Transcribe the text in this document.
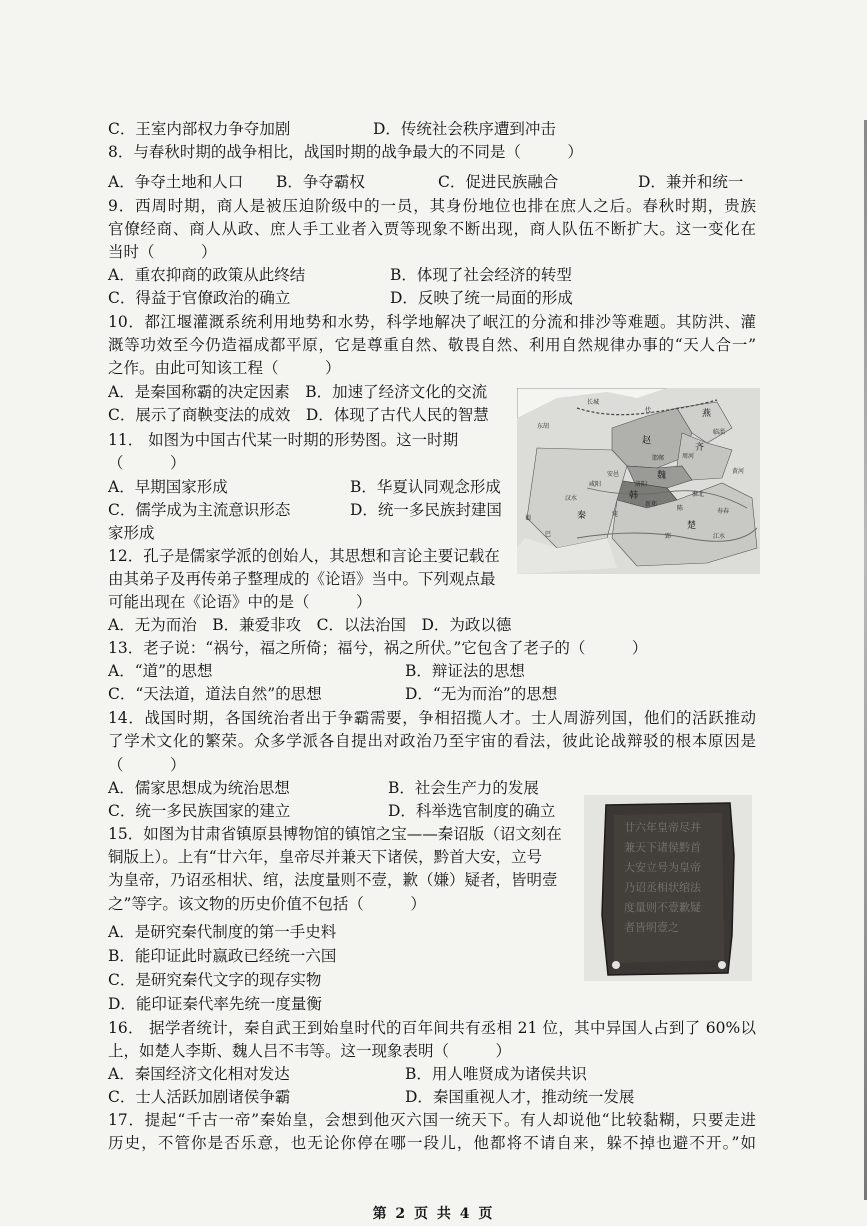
C．王室内部权力争夺加剧	D．传统社会秩序遭到冲击
8．与春秋时期的战争相比，战国时期的战争最大的不同是（　　　）
A．争夺土地和人口 B．争夺霸权	C．促进民族融合	D．兼并和统一
9．西周时期，商人是被压迫阶级中的一员，其身份地位也排在庶人之后。春秋时期，贵族
官僚经商、商人从政、庶人手工业者入贾等现象不断出现，商人队伍不断扩大。这一变化在
当时（　　　）
A．重农抑商的政策从此终结	B．体现了社会经济的转型
C．得益于官僚政治的确立	D．反映了统一局面的形成
10．都江堰灌溉系统利用地势和水势，科学地解决了岷江的分流和排沙等难题。其防洪、灌
溉等功效至今仍造福成都平原，它是尊重自然、敬畏自然、利用自然规律办事的“天人合一”
之作。由此可知该工程（　　　）
A．是秦国称霸的决定因素　B．加速了经济文化的交流
C．展示了商鞅变法的成效　D．体现了古代人民的智慧
11． 如图为中国古代某一时期的形势图。这一时期
（　　　）
A．早期国家形成	B．华夏认同观念形成
C．儒学成为主流意识形态	D．统一多民族封建国
家形成
12．孔子是儒家学派的创始人，其思想和言论主要记载在
由其弟子及再传弟子整理成的《论语》当中。下列观点最
可能出现在《论语》中的是（　　　）
A．无为而治　B．兼爱非攻　C．以法治国　D．为政以德
13．老子说：“祸兮，福之所倚；福兮，祸之所伏。”它包含了老子的（　　　）
A．“道”的思想	B．辩证法的思想
C．“天法道，道法自然”的思想	D．“无为而治”的思想
14．战国时期，各国统治者出于争霸需要，争相招揽人才。士人周游列国，他们的活跃推动
了学术文化的繁荣。众多学派各自提出对政治乃至宇宙的看法，彼此论战辩驳的根本原因是
（　　　）
A．儒家思想成为统治思想	B．社会生产力的发展
C．统一多民族国家的建立	D．科举选官制度的确立
15．如图为甘肃省镇原县博物馆的镇馆之宝——秦诏版（诏文刻在
铜版上）。上有“廿六年，皇帝尽并兼天下诸侯，黔首大安，立号
为皇帝，乃诏丞相状、绾，法度量则不壹，歉（嫌）疑者，皆明壹
之”等字。该文物的历史价值不包括（　　　）
A．是研究秦代制度的第一手史料
B．能印证此时嬴政已经统一六国
C．是研究秦代文字的现存实物
D．能印证秦代率先统一度量衡
16． 据学者统计，秦自武王到始皇时代的百年间共有丞相 21 位，其中异国人占到了 60%以
上，如楚人李斯、魏人吕不韦等。这一现象表明（　　　）
A．秦国经济文化相对发达	B．用人唯贤成为诸侯共识
C．士人活跃加剧诸侯争霸	D．秦国重视人才，推动统一发展
17．提起“千古一帝”秦始皇，会想到他灭六国一统天下。有人却说他“比较黏糊，只要走进
历史，不管你是否乐意，也无论你停在哪一段儿，他都将不请自来，躲不掉也避不开。”如
燕
齐
赵
魏
韩
楚
秦
代
邯郸
临淄
周河
黄河
安邑
洛阳
郢
巴
蜀
江水
汉水
咸阳
新郑
淮北
陈
宛	寿春
长城
东胡
廿六年皇帝尽并
兼天下诸侯黔首
大安立号为皇帝
乃诏丞相状绾法
度量则不壹歉疑
者皆明壹之
第 2 页 共 4 页
